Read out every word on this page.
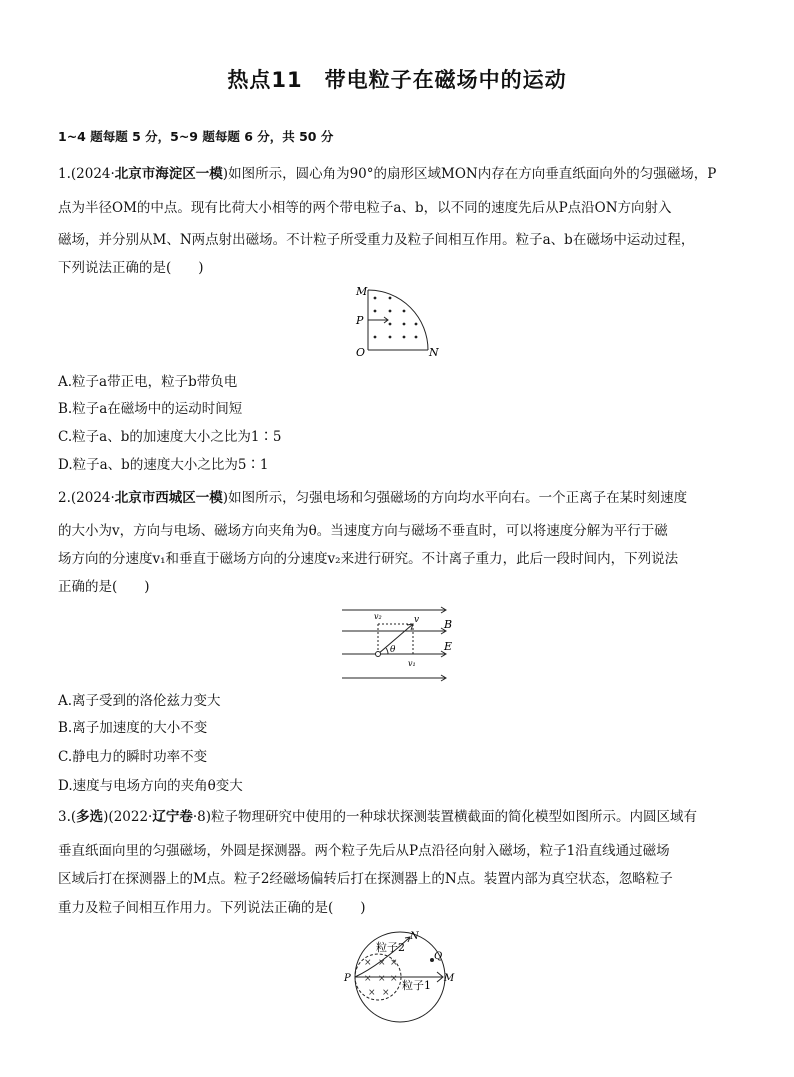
热点11　带电粒子在磁场中的运动
1~4 题每题 5 分，5~9 题每题 6 分，共 50 分
1.(2024·北京市海淀区一模)如图所示，圆心角为90°的扇形区域MON内存在方向垂直纸面向外的匀强磁场，P
点为半径OM的中点。现有比荷大小相等的两个带电粒子a、b，以不同的速度先后从P点沿ON方向射入
磁场，并分别从M、N两点射出磁场。不计粒子所受重力及粒子间相互作用。粒子a、b在磁场中运动过程，
下列说法正确的是(　　)
M
P
O	N
A.粒子a带正电，粒子b带负电
B.粒子a在磁场中的运动时间短
C.粒子a、b的加速度大小之比为1∶5
D.粒子a、b的速度大小之比为5∶1
2.(2024·北京市西城区一模)如图所示，匀强电场和匀强磁场的方向均水平向右。一个正离子在某时刻速度
的大小为v，方向与电场、磁场方向夹角为θ。当速度方向与磁场不垂直时，可以将速度分解为平行于磁
场方向的分速度v₁和垂直于磁场方向的分速度v₂来进行研究。不计离子重力，此后一段时间内，下列说法
正确的是(　　)
v₂	v B
E
θ
v₁
A.离子受到的洛伦兹力变大
B.离子加速度的大小不变
C.静电力的瞬时功率不变
D.速度与电场方向的夹角θ变大
3.(多选)(2022·辽宁卷·8)粒子物理研究中使用的一种球状探测装置横截面的简化模型如图所示。内圆区域有
垂直纸面向里的匀强磁场，外圆是探测器。两个粒子先后从P点沿径向射入磁场，粒子1沿直线通过磁场
区域后打在探测器上的M点。粒子2经磁场偏转后打在探测器上的N点。装置内部为真空状态，忽略粒子
重力及粒子间相互作用力。下列说法正确的是(　　)
× × ×
× × ×
× ×
粒子2
N
Q
P	M
粒子1
